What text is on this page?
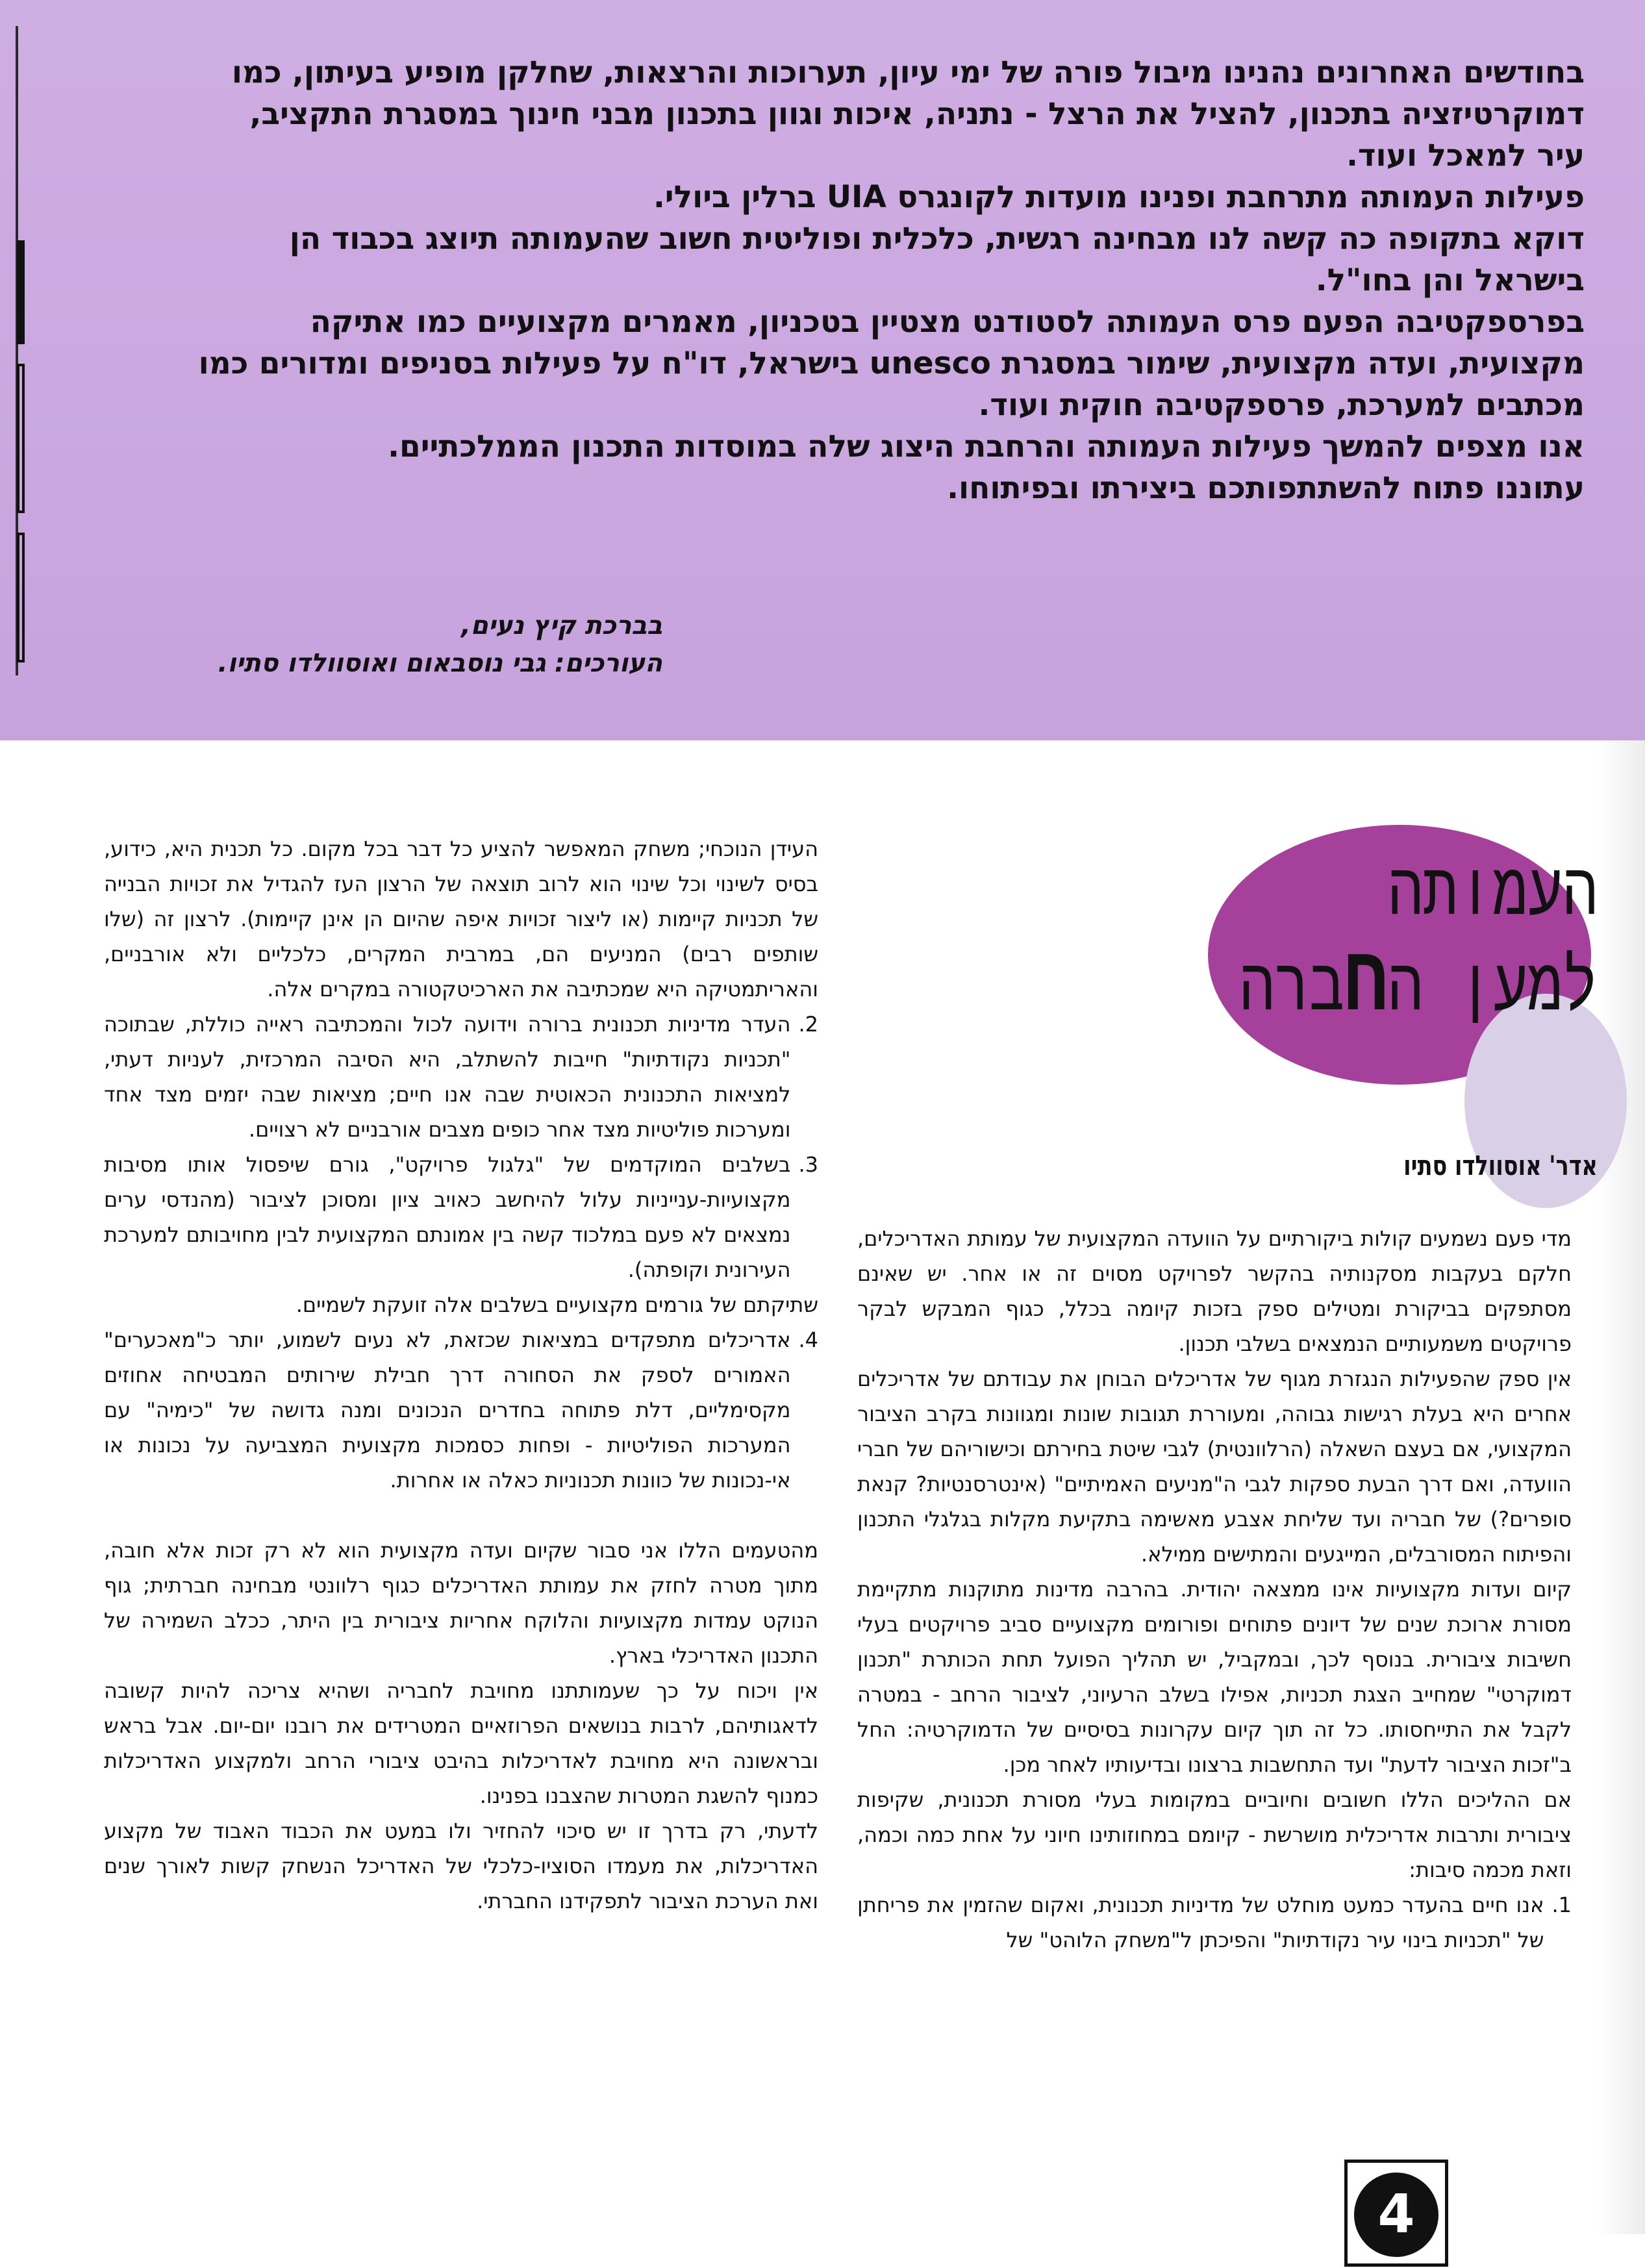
בחודשים האחרונים נהנינו מיבול פורה של ימי עיון, תערוכות והרצאות, שחלקן מופיע בעיתון, כמו דמוקרטיזציה בתכנון, להציל את הרצל - נתניה, איכות וגוון בתכנון מבני חינוך במסגרת התקציב, עיר למאכל ועוד.

פעילות העמותה מתרחבת ופנינו מועדות לקונגרס UIA ברלין ביולי.

דוקא בתקופה כה קשה לנו מבחינה רגשית, כלכלית ופוליטית חשוב שהעמותה תיוצג בכבוד הן בישראל והן בחו"ל.

בפרספקטיבה הפעם פרס העמותה לסטודנט מצטיין בטכניון, מאמרים מקצועיים כמו אתיקה מקצועית, ועדה מקצועית, שימור במסגרת unesco בישראל, דו"ח על פעילות בסניפים ומדורים כמו מכתבים למערכת, פרספקטיבה חוקית ועוד.

אנו מצפים להמשך פעילות העמותה והרחבת היצוג שלה במוסדות התכנון הממלכתיים.

עתוננו פתוח להשתתפותכם ביצירתו ובפיתוחו.

בברכת קיץ נעים,

העורכים: גבי נוסבאום ואוסוולדו סתיו.

העמותה

למען החברה

אדר' אוסוולדו סתיו

מדי פעם נשמעים קולות ביקורתיים על הוועדה המקצועית של עמותת האדריכלים, חלקם בעקבות מסקנותיה בהקשר לפרויקט מסוים זה או אחר. יש שאינם מסתפקים בביקורת ומטילים ספק בזכות קיומה בכלל, כגוף המבקש לבקר פרויקטים משמעותיים הנמצאים בשלבי תכנון.

אין ספק שהפעילות הנגזרת מגוף של אדריכלים הבוחן את עבודתם של אדריכלים אחרים היא בעלת רגישות גבוהה, ומעוררת תגובות שונות ומגוונות בקרב הציבור המקצועי, אם בעצם השאלה (הרלוונטית) לגבי שיטת בחירתם וכישוריהם של חברי הוועדה, ואם דרך הבעת ספקות לגבי ה"מניעים האמיתיים" (אינטרסנטיות? קנאת סופרים?) של חבריה ועד שליחת אצבע מאשימה בתקיעת מקלות בגלגלי התכנון והפיתוח המסורבלים, המייגעים והמתישים ממילא.

קיום ועדות מקצועיות אינו ממצאה יהודית. בהרבה מדינות מתוקנות מתקיימת מסורת ארוכת שנים של דיונים פתוחים ופורומים מקצועיים סביב פרויקטים בעלי חשיבות ציבורית. בנוסף לכך, ובמקביל, יש תהליך הפועל תחת הכותרת "תכנון דמוקרטי" שמחייב הצגת תכניות, אפילו בשלב הרעיוני, לציבור הרחב - במטרה לקבל את התייחסותו. כל זה תוך קיום עקרונות בסיסיים של הדמוקרטיה: החל ב"זכות הציבור לדעת" ועד התחשבות ברצונו ובדיעותיו לאחר מכן.

אם ההליכים הללו חשובים וחיוביים במקומות בעלי מסורת תכנונית, שקיפות ציבורית ותרבות אדריכלית מושרשת - קיומם במחוזותינו חיוני על אחת כמה וכמה, וזאת מכמה סיבות:

1.
אנו חיים בהעדר כמעט מוחלט של מדיניות תכנונית, ואקום שהזמין את פריחתן של "תכניות בינוי עיר נקודתיות" והפיכתן ל"משחק הלוהט" של

העידן הנוכחי; משחק המאפשר להציע כל דבר בכל מקום. כל תכנית היא, כידוע, בסיס לשינוי וכל שינוי הוא לרוב תוצאה של הרצון העז להגדיל את זכויות הבנייה של תכניות קיימות (או ליצור זכויות איפה שהיום הן אינן קיימות). לרצון זה (שלו שותפים רבים) המניעים הם, במרבית המקרים, כלכליים ולא אורבניים, והאריתמטיקה היא שמכתיבה את הארכיטקטורה במקרים אלה.

2.
העדר מדיניות תכנונית ברורה וידועה לכול והמכתיבה ראייה כוללת, שבתוכה "תכניות נקודתיות" חייבות להשתלב, היא הסיבה המרכזית, לעניות דעתי, למציאות התכנונית הכאוטית שבה אנו חיים; מציאות שבה יזמים מצד אחד ומערכות פוליטיות מצד אחר כופים מצבים אורבניים לא רצויים.
3.
בשלבים המוקדמים של "גלגול פרויקט", גורם שיפסול אותו מסיבות מקצועיות-ענייניות עלול להיחשב כאויב ציון ומסוכן לציבור (מהנדסי ערים נמצאים לא פעם במלכוד קשה בין אמונתם המקצועית לבין מחויבותם למערכת העירונית וקופתה).

שתיקתם של גורמים מקצועיים בשלבים אלה זועקת לשמיים.

4.
אדריכלים מתפקדים במציאות שכזאת, לא נעים לשמוע, יותר כ"מאכערים" האמורים לספק את הסחורה דרך חבילת שירותים המבטיחה אחוזים מקסימליים, דלת פתוחה בחדרים הנכונים ומנה גדושה של "כימיה" עם המערכות הפוליטיות - ופחות כסמכות מקצועית המצביעה על נכונות או אי-נכונות של כוונות תכנוניות כאלה או אחרות.

מהטעמים הללו אני סבור שקיום ועדה מקצועית הוא לא רק זכות אלא חובה, מתוך מטרה לחזק את עמותת האדריכלים כגוף רלוונטי מבחינה חברתית; גוף הנוקט עמדות מקצועיות והלוקח אחריות ציבורית בין היתר, ככלב השמירה של התכנון האדריכלי בארץ.

אין ויכוח על כך שעמותתנו מחויבת לחבריה ושהיא צריכה להיות קשובה לדאגותיהם, לרבות בנושאים הפרוזאיים המטרידים את רובנו יום-יום. אבל בראש ובראשונה היא מחויבת לאדריכלות בהיבט ציבורי הרחב ולמקצוע האדריכלות כמנוף להשגת המטרות שהצבנו בפנינו.

לדעתי, רק בדרך זו יש סיכוי להחזיר ולו במעט את הכבוד האבוד של מקצוע האדריכלות, את מעמדו הסוציו-כלכלי של האדריכל הנשחק קשות לאורך שנים ואת הערכת הציבור לתפקידנו החברתי.

4
